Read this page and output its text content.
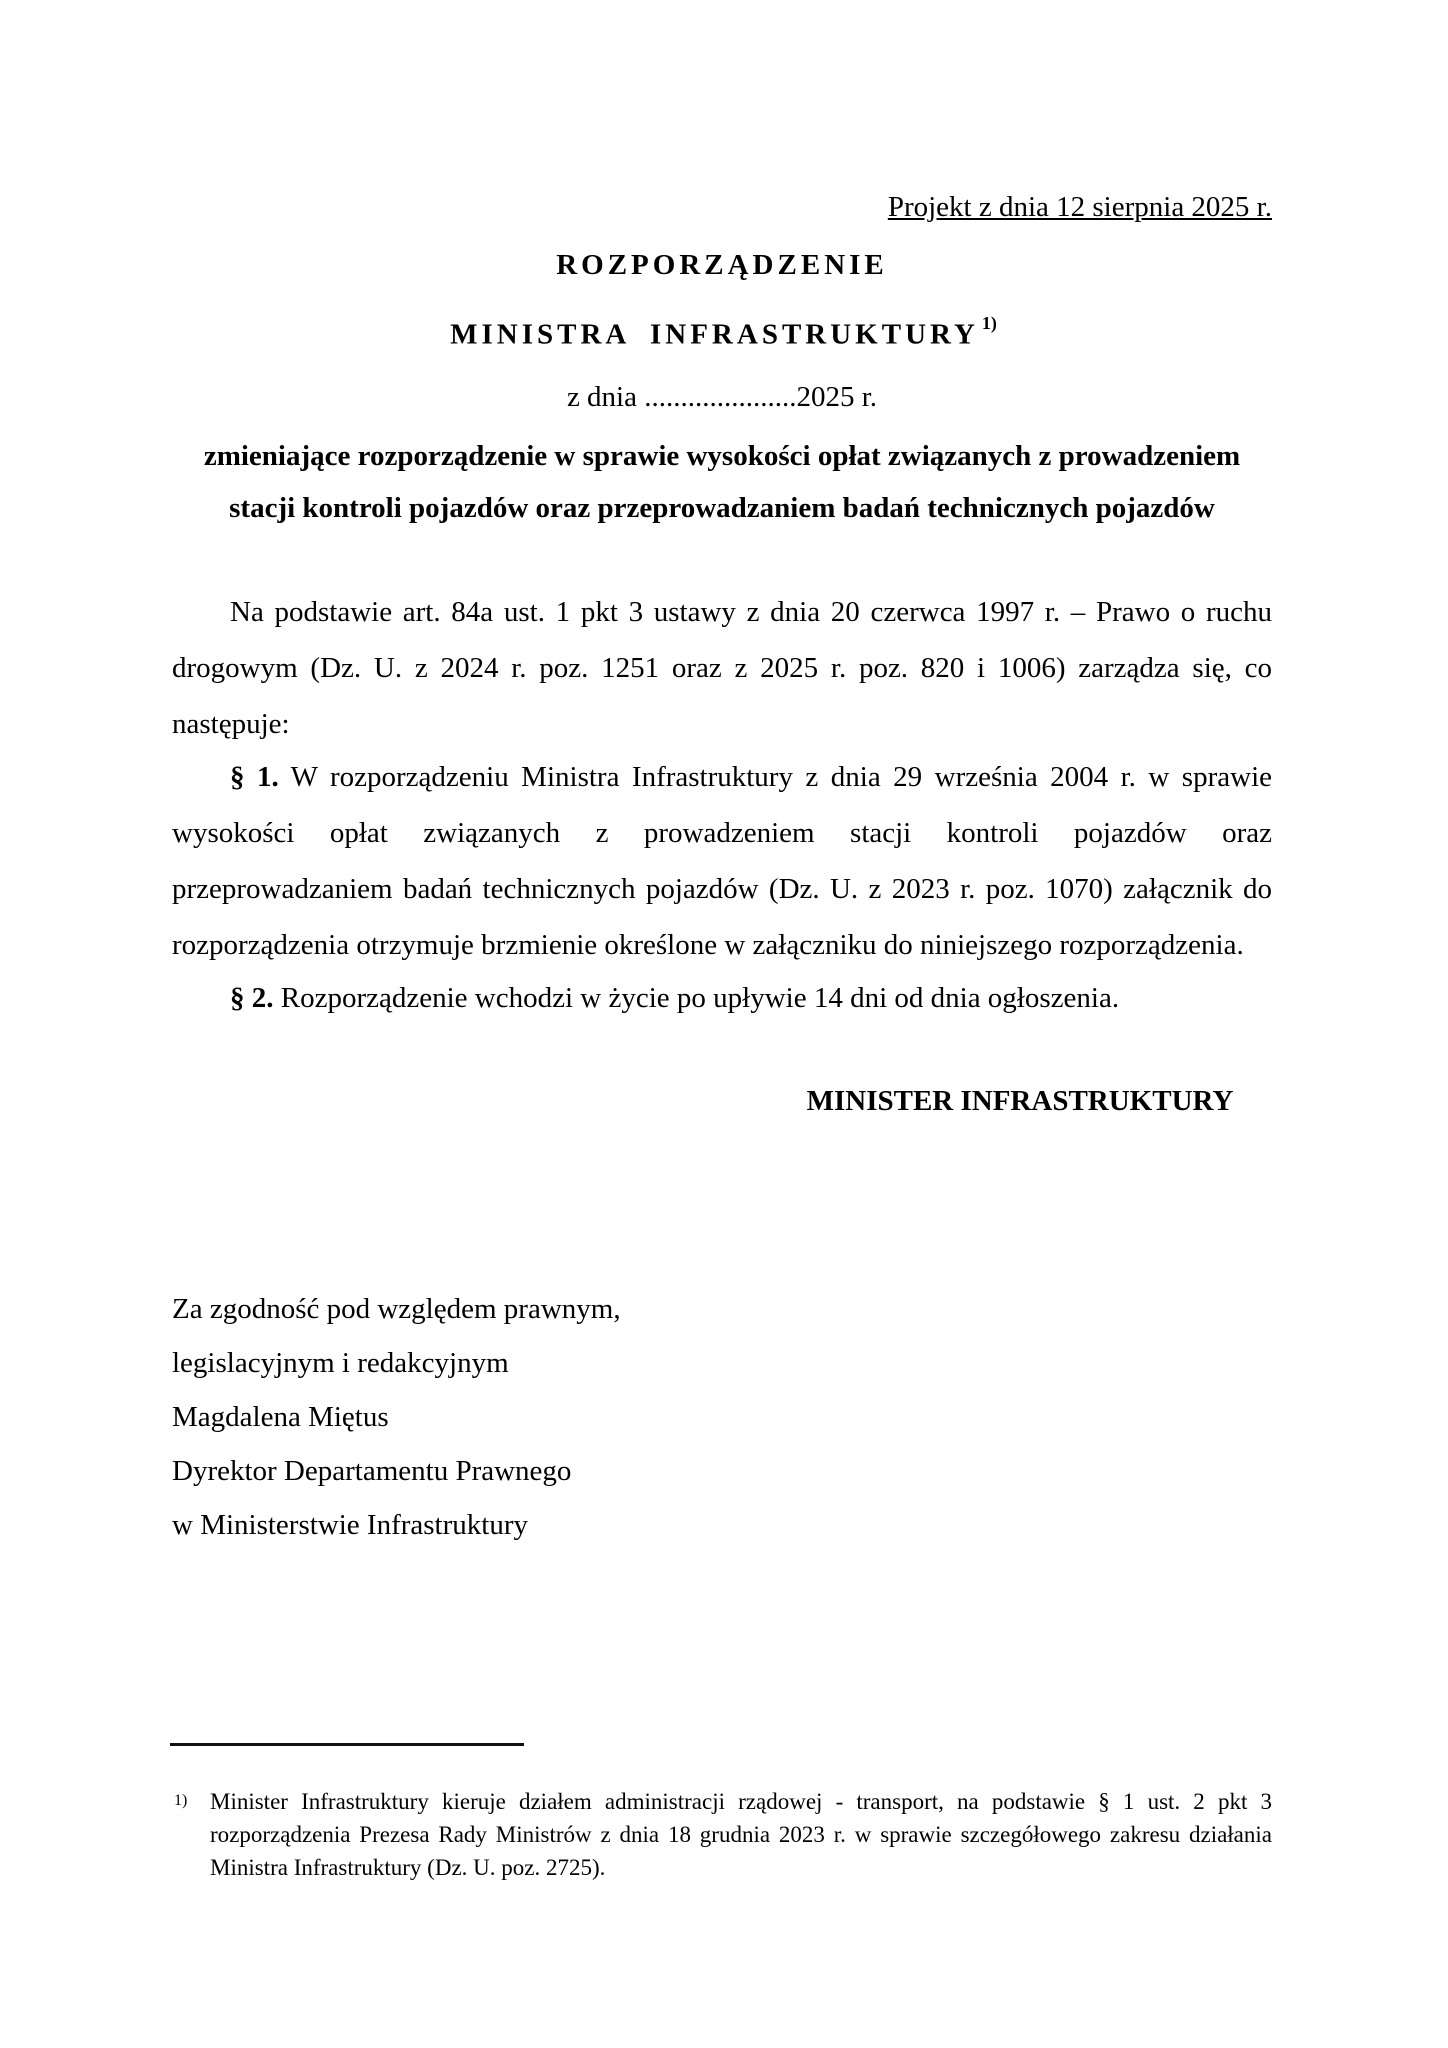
Projekt z dnia 12 sierpnia 2025 r.
ROZPORZĄDZENIE
MINISTRA INFRASTRUKTURY $^{1)}$
z dnia .....................2025 r.
zmieniające rozporządzenie w sprawie wysokości opłat związanych z prowadzeniem
stacji kontroli pojazdów oraz przeprowadzaniem badań technicznych pojazdów
Na podstawie art. 84a ust. 1 pkt 3 ustawy z dnia 20 czerwca 1997 r. – Prawo o ruchu drogowym (Dz. U. z 2024 r. poz. 1251 oraz z 2025 r. poz. 820 i 1006) zarządza się, co następuje:
§ 1. W rozporządzeniu Ministra Infrastruktury z dnia 29 września 2004 r. w sprawie wysokości opłat związanych z prowadzeniem stacji kontroli pojazdów oraz przeprowadzaniem badań technicznych pojazdów (Dz. U. z 2023 r. poz. 1070) załącznik do rozporządzenia otrzymuje brzmienie określone w załączniku do niniejszego rozporządzenia.
§ 2. Rozporządzenie wchodzi w życie po upływie 14 dni od dnia ogłoszenia.
MINISTER INFRASTRUKTURY
Za zgodność pod względem prawnym,
legislacyjnym i redakcyjnym
Magdalena Miętus
Dyrektor Departamentu Prawnego
w Ministerstwie Infrastruktury
1) Minister Infrastruktury kieruje działem administracji rządowej - transport, na podstawie § 1 ust. 2 pkt 3 rozporządzenia Prezesa Rady Ministrów z dnia 18 grudnia 2023 r. w sprawie szczegółowego zakresu działania Ministra Infrastruktury (Dz. U. poz. 2725).
